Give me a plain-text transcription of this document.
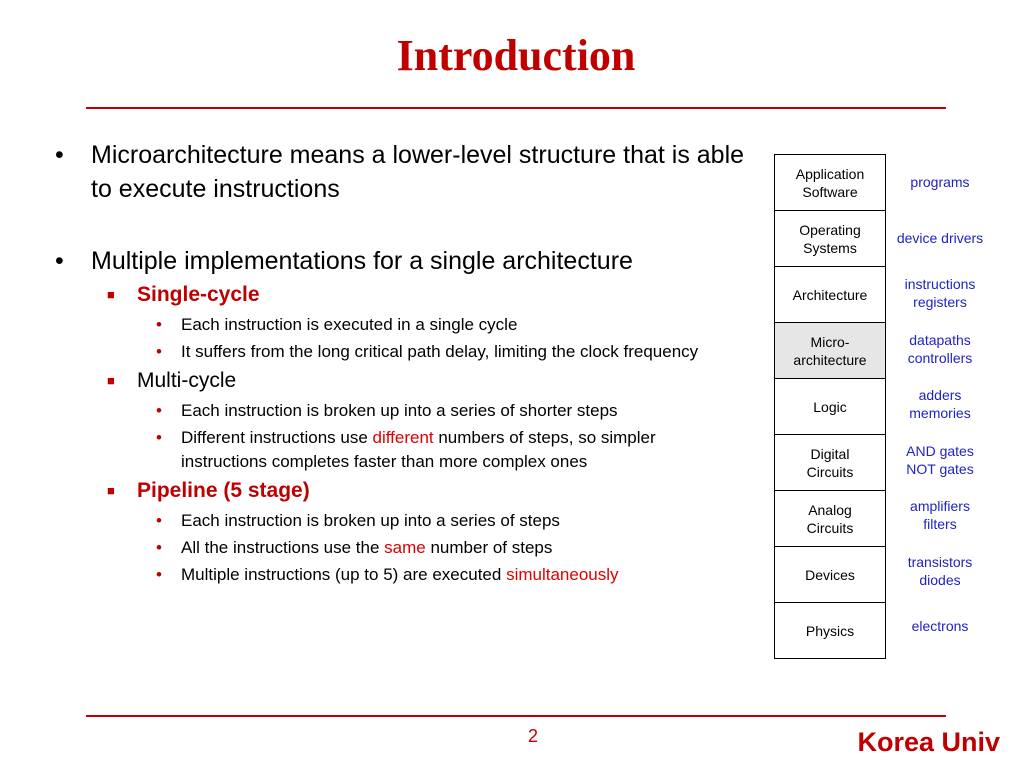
Introduction
• Microarchitecture means a lower-level structure that is able to execute instructions
• Multiple implementations for a single architecture
■ Single-cycle
• Each instruction is executed in a single cycle
• It suffers from the long critical path delay, limiting the clock frequency
■ Multi-cycle
• Each instruction is broken up into a series of shorter steps
• Different instructions use different numbers of steps, so simpler instructions completes faster than more complex ones
■ Pipeline (5 stage)
• Each instruction is broken up into a series of steps
• All the instructions use the same number of steps
• Multiple instructions (up to 5) are executed simultaneously
Application
Software
Operating
Systems
Architecture
Micro-
architecture
Logic
Digital
Circuits
Analog
Circuits
Devices
Physics
programs
device drivers
instructions
registers
datapaths
controllers
adders
memories
AND gates
NOT gates
amplifiers
filters
transistors
diodes
electrons
2	Korea Univ
